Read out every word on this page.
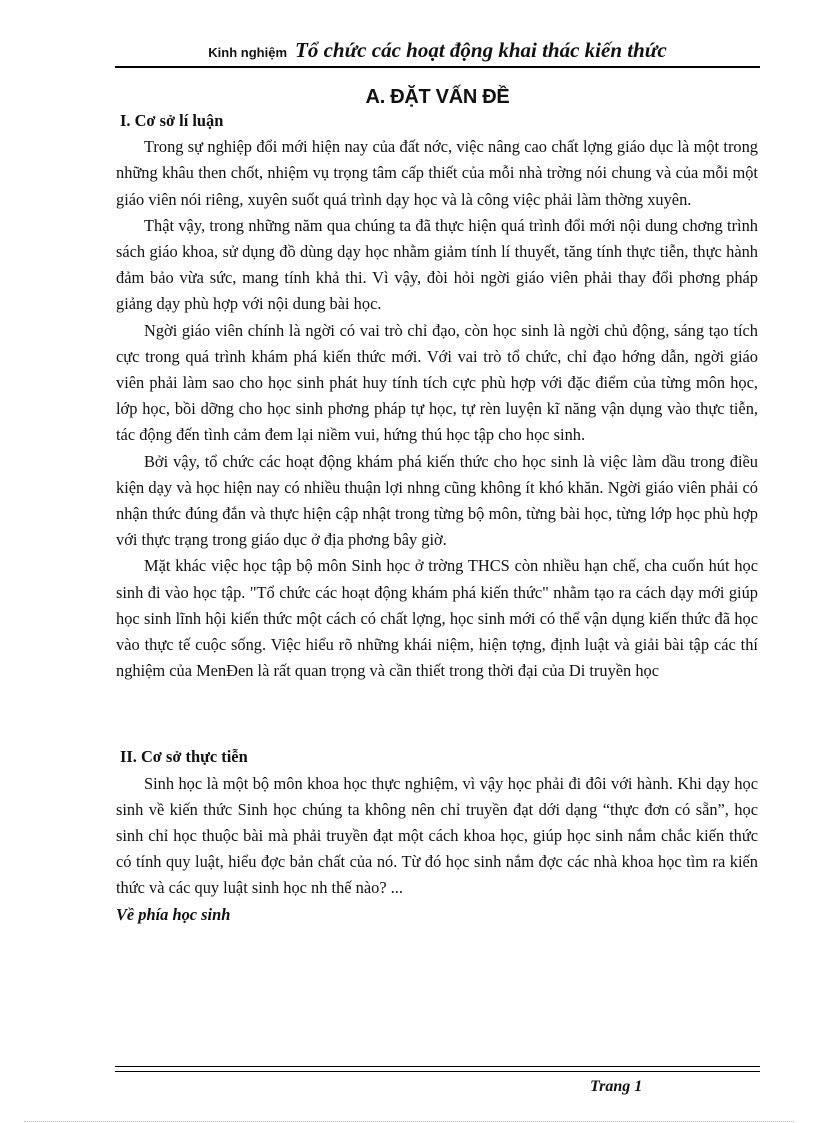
Kinh nghiệm Tổ chức các hoạt động khai thác kiến thức
A. ĐẶT VẤN ĐỀ
I. Cơ sở lí luận

Trong sự nghiệp đổi mới hiện nay của đất nớc, việc nâng cao chất lợng giáo dục là một trong những khâu then chốt, nhiệm vụ trọng tâm cấp thiết của mỗi nhà trờng nói chung và của mỗi một giáo viên nói riêng, xuyên suốt quá trình dạy học và là công việc phải làm thờng xuyên.

Thật vậy, trong những năm qua chúng ta đã thực hiện quá trình đổi mới nội dung chơng trình sách giáo khoa, sử dụng đồ dùng dạy học nhằm giảm tính lí thuyết, tăng tính thực tiễn, thực hành đảm bảo vừa sức, mang tính khả thi. Vì vậy, đòi hỏi ngời giáo viên phải thay đổi phơng pháp giảng dạy phù hợp với nội dung bài học.

Ngời giáo viên chính là ngời có vai trò chỉ đạo, còn học sinh là ngời chủ động, sáng tạo tích cực trong quá trình khám phá kiến thức mới. Với vai trò tổ chức, chỉ đạo hớng dẫn, ngời giáo viên phải làm sao cho học sinh phát huy tính tích cực phù hợp với đặc điểm của từng môn học, lớp học, bồi dỡng cho học sinh phơng pháp tự học, tự rèn luyện kĩ năng vận dụng vào thực tiễn, tác động đến tình cảm đem lại niềm vui, hứng thú học tập cho học sinh.

Bởi vậy, tổ chức các hoạt động khám phá kiến thức cho học sinh là việc làm dầu trong điều kiện dạy và học hiện nay có nhiều thuận lợi nhng cũng không ít khó khăn. Ngời giáo viên phải có nhận thức đúng đắn và thực hiện cập nhật trong từng bộ môn, từng bài học, từng lớp học phù hợp với thực trạng trong giáo dục ở địa phơng bây giờ.

Mặt khác việc học tập bộ môn Sinh học ở trờng THCS còn nhiều hạn chế, cha cuốn hút học sinh đi vào học tập. "Tổ chức các hoạt động khám phá kiến thức" nhằm tạo ra cách dạy mới giúp học sinh lĩnh hội kiến thức một cách có chất lợng, học sinh mới có thể vận dụng kiến thức đã học vào thực tế cuộc sống. Việc hiểu rõ những khái niệm, hiện tợng, định luật và giải bài tập các thí nghiệm của MenĐen là rất quan trọng và cần thiết trong thời đại của Di truyền học

II. Cơ sở thực tiễn

Sinh học là một bộ môn khoa học thực nghiệm, vì vậy học phải đi đôi với hành. Khi dạy học sinh về kiến thức Sinh học chúng ta không nên chỉ truyền đạt dới dạng “thực đơn có sẵn”, học sinh chỉ học thuộc bài mà phải truyền đạt một cách khoa học, giúp học sinh nắm chắc kiến thức có tính quy luật, hiểu đợc bản chất của nó. Từ đó học sinh nắm đợc các nhà khoa học tìm ra kiến thức và các quy luật sinh học nh thế nào? ...

Về phía học sinh
Trang 1
